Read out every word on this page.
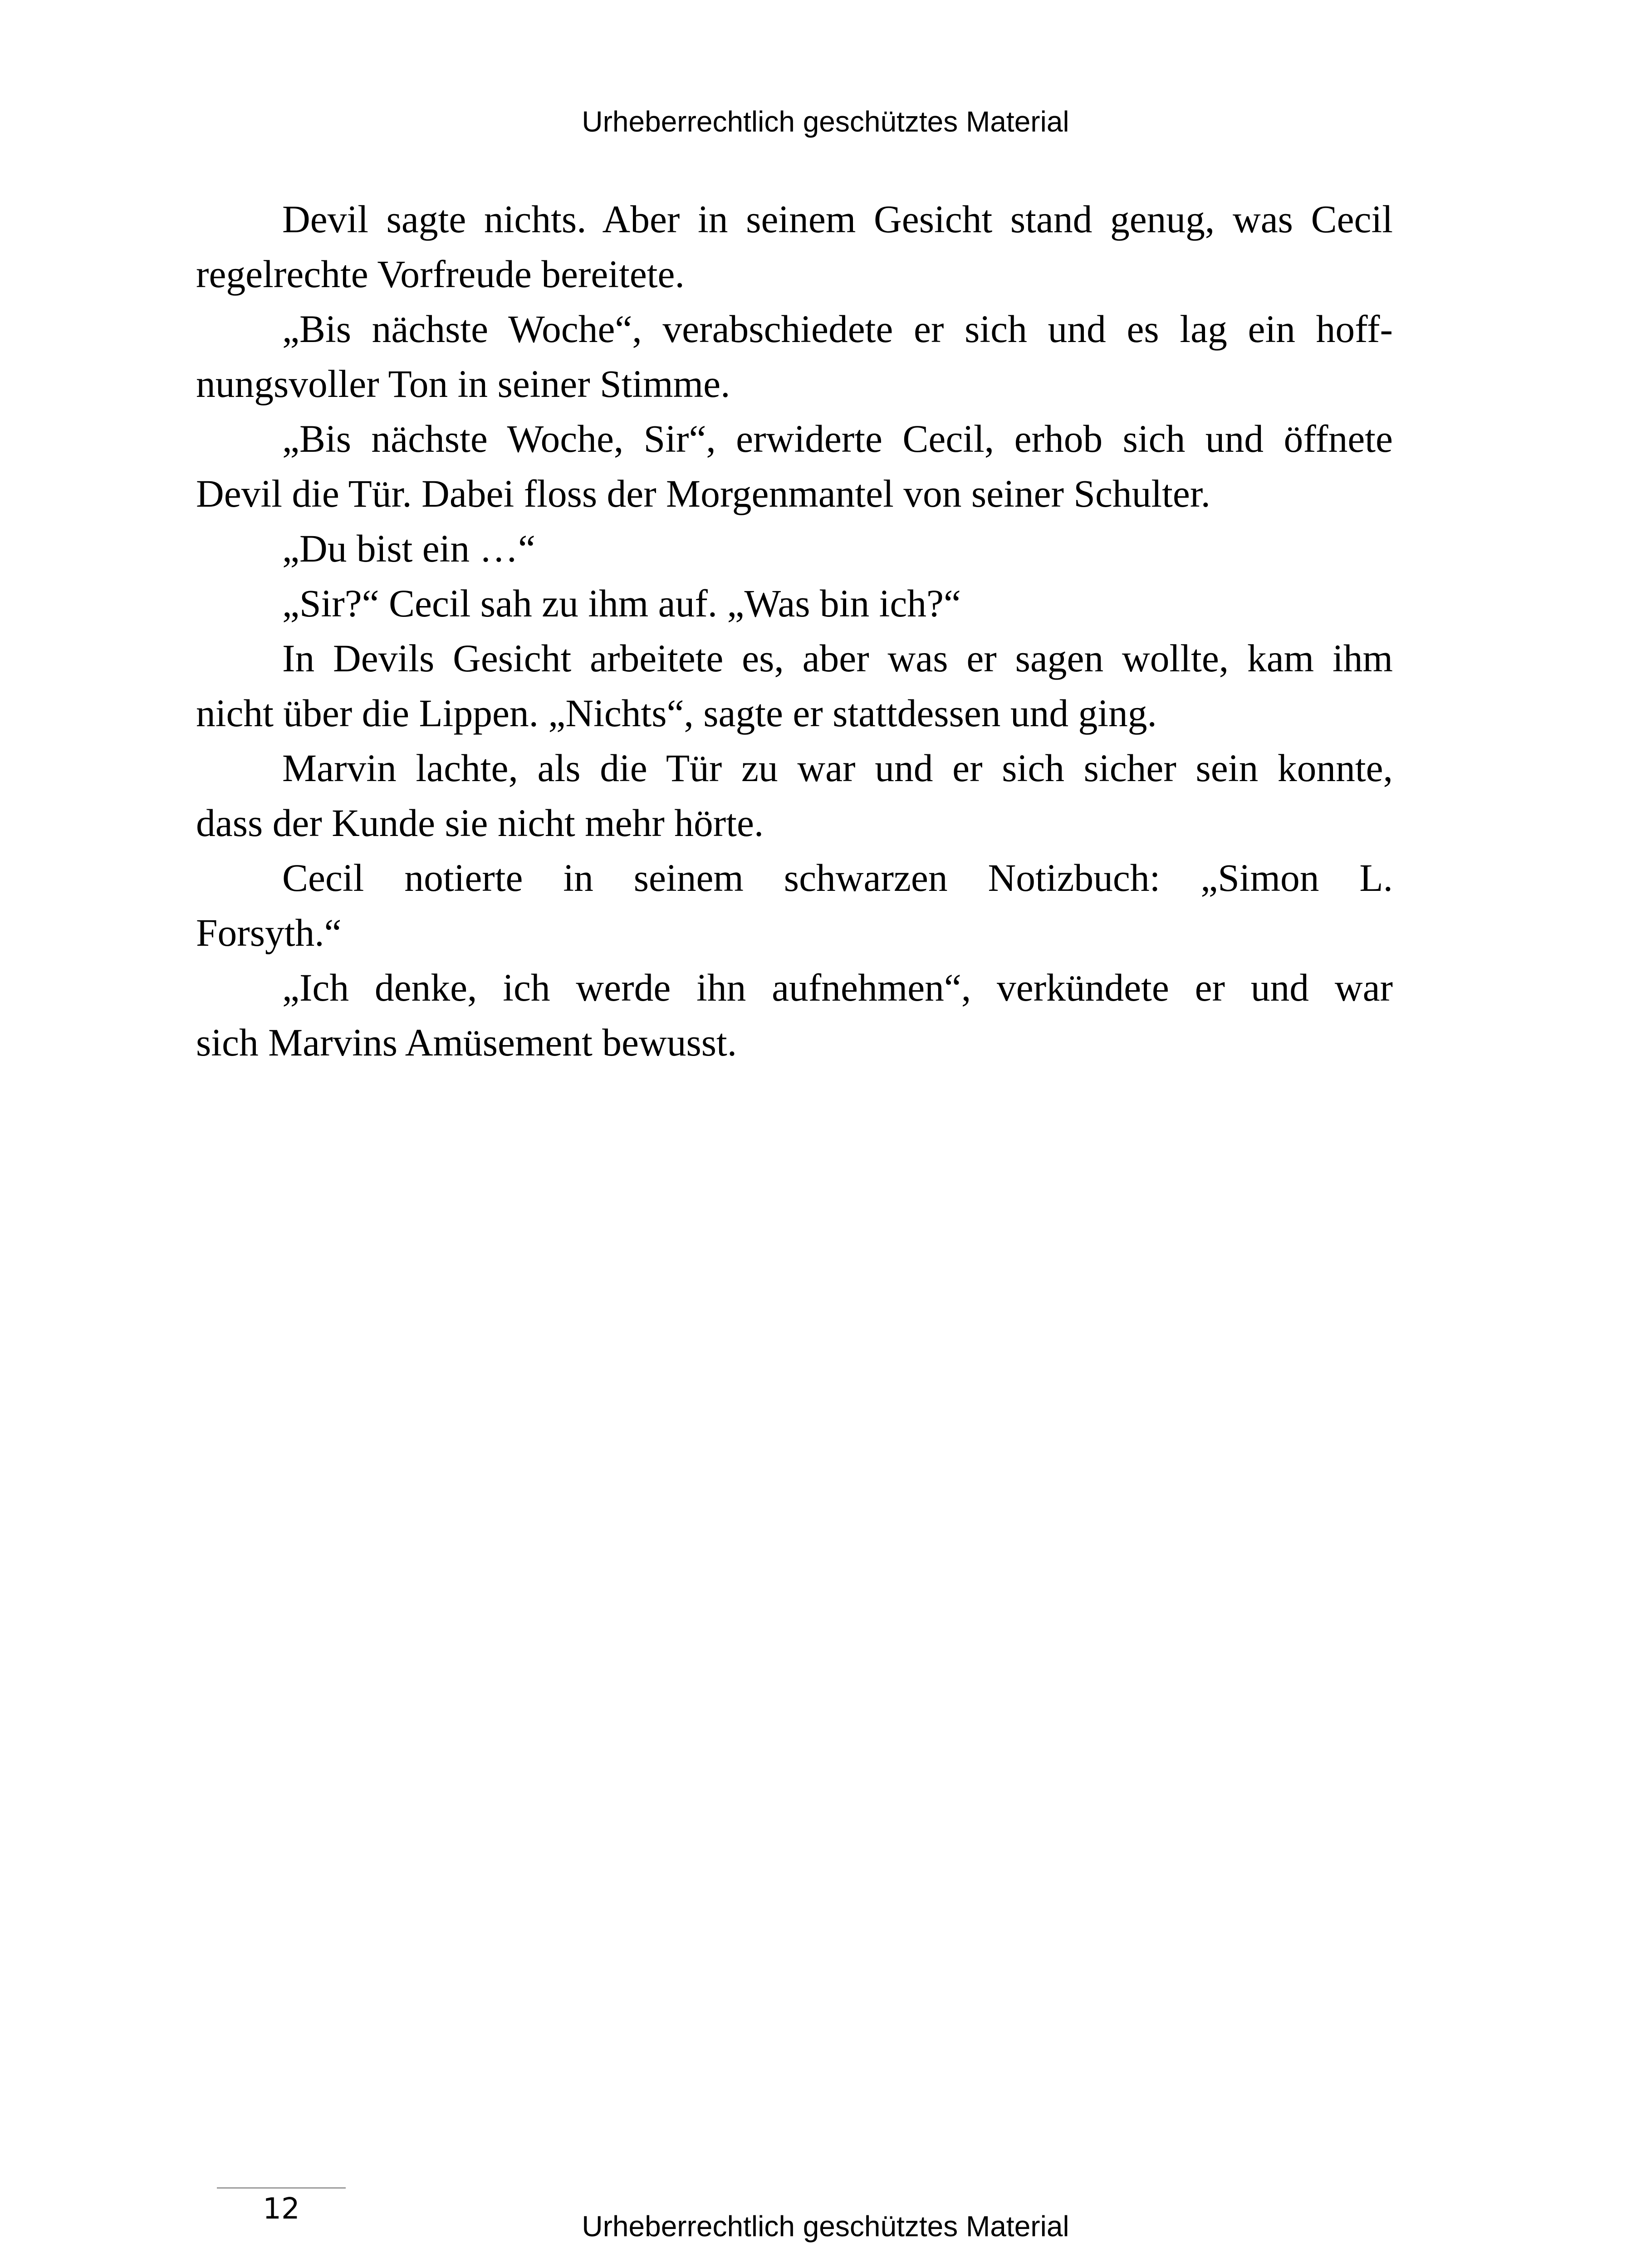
Urheberrechtlich geschütztes Material
Devil sagte nichts. Aber in seinem Gesicht stand genug, was Cecil
regelrechte Vorfreude bereitete.
„Bis nächste Woche“, verabschiedete er sich und es lag ein hoff-
nungsvoller Ton in seiner Stimme.
„Bis nächste Woche, Sir“, erwiderte Cecil, erhob sich und öffnete
Devil die Tür. Dabei floss der Morgenmantel von seiner Schulter.
„Du bist ein …“
„Sir?“ Cecil sah zu ihm auf. „Was bin ich?“
In Devils Gesicht arbeitete es, aber was er sagen wollte, kam ihm
nicht über die Lippen. „Nichts“, sagte er stattdessen und ging.
Marvin lachte, als die Tür zu war und er sich sicher sein konnte,
dass der Kunde sie nicht mehr hörte.
Cecil notierte in seinem schwarzen Notizbuch: „Simon L.
Forsyth.“
„Ich denke, ich werde ihn aufnehmen“, verkündete er und war
sich Marvins Amüsement bewusst.
12
Urheberrechtlich geschütztes Material
